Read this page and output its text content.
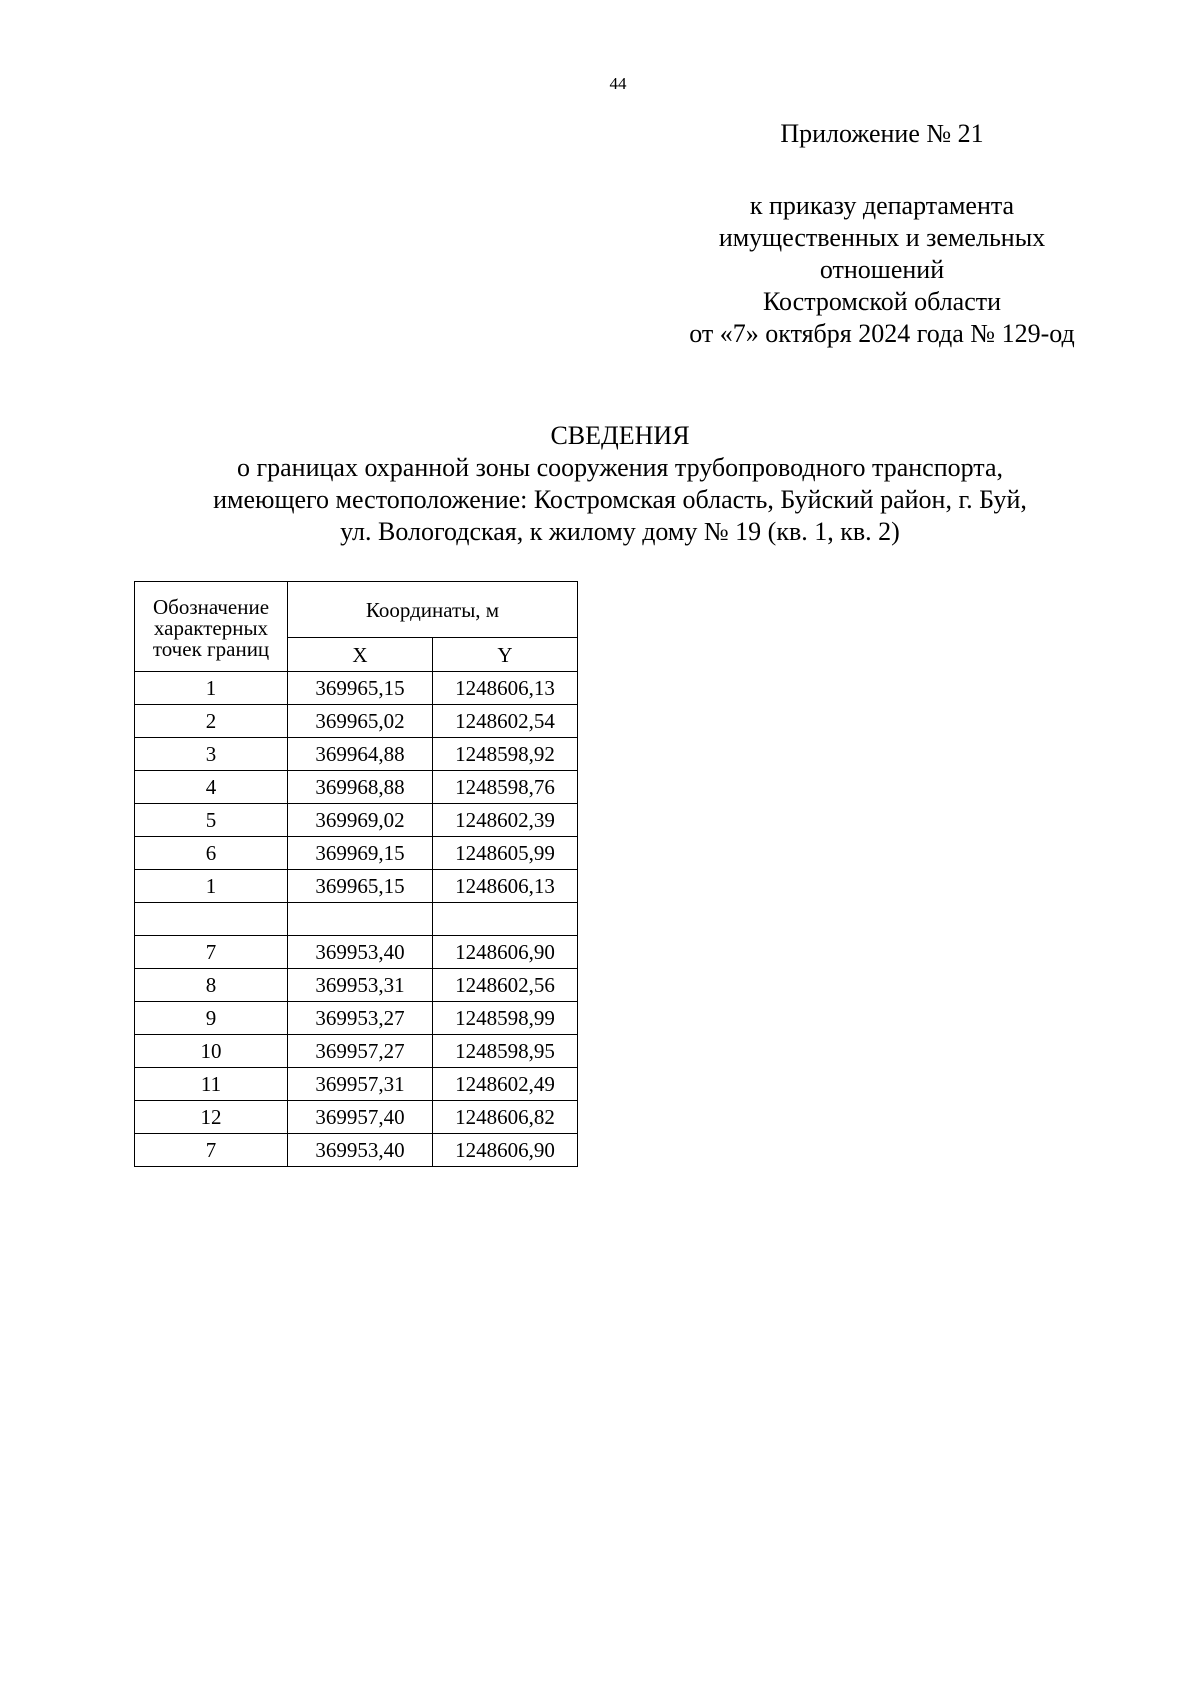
44
Приложение № 21
к приказу департамента
имущественных и земельных
отношений
Костромской области
от «7» октября 2024 года № 129-од
СВЕДЕНИЯ
о границах охранной зоны сооружения трубопроводного транспорта,
имеющего местоположение: Костромская область, Буйский район, г. Буй,
ул. Вологодская, к жилому дому № 19 (кв. 1, кв. 2)
Обозначение
характерных
точек границ	Координаты, м	
	X	Y
1	369965,15	1248606,13
2	369965,02	1248602,54
3	369964,88	1248598,92
4	369968,88	1248598,76
5	369969,02	1248602,39
6	369969,15	1248605,99
1	369965,15	1248606,13

7	369953,40	1248606,90
8	369953,31	1248602,56
9	369953,27	1248598,99
10	369957,27	1248598,95
11	369957,31	1248602,49
12	369957,40	1248606,82
7	369953,40	1248606,90
